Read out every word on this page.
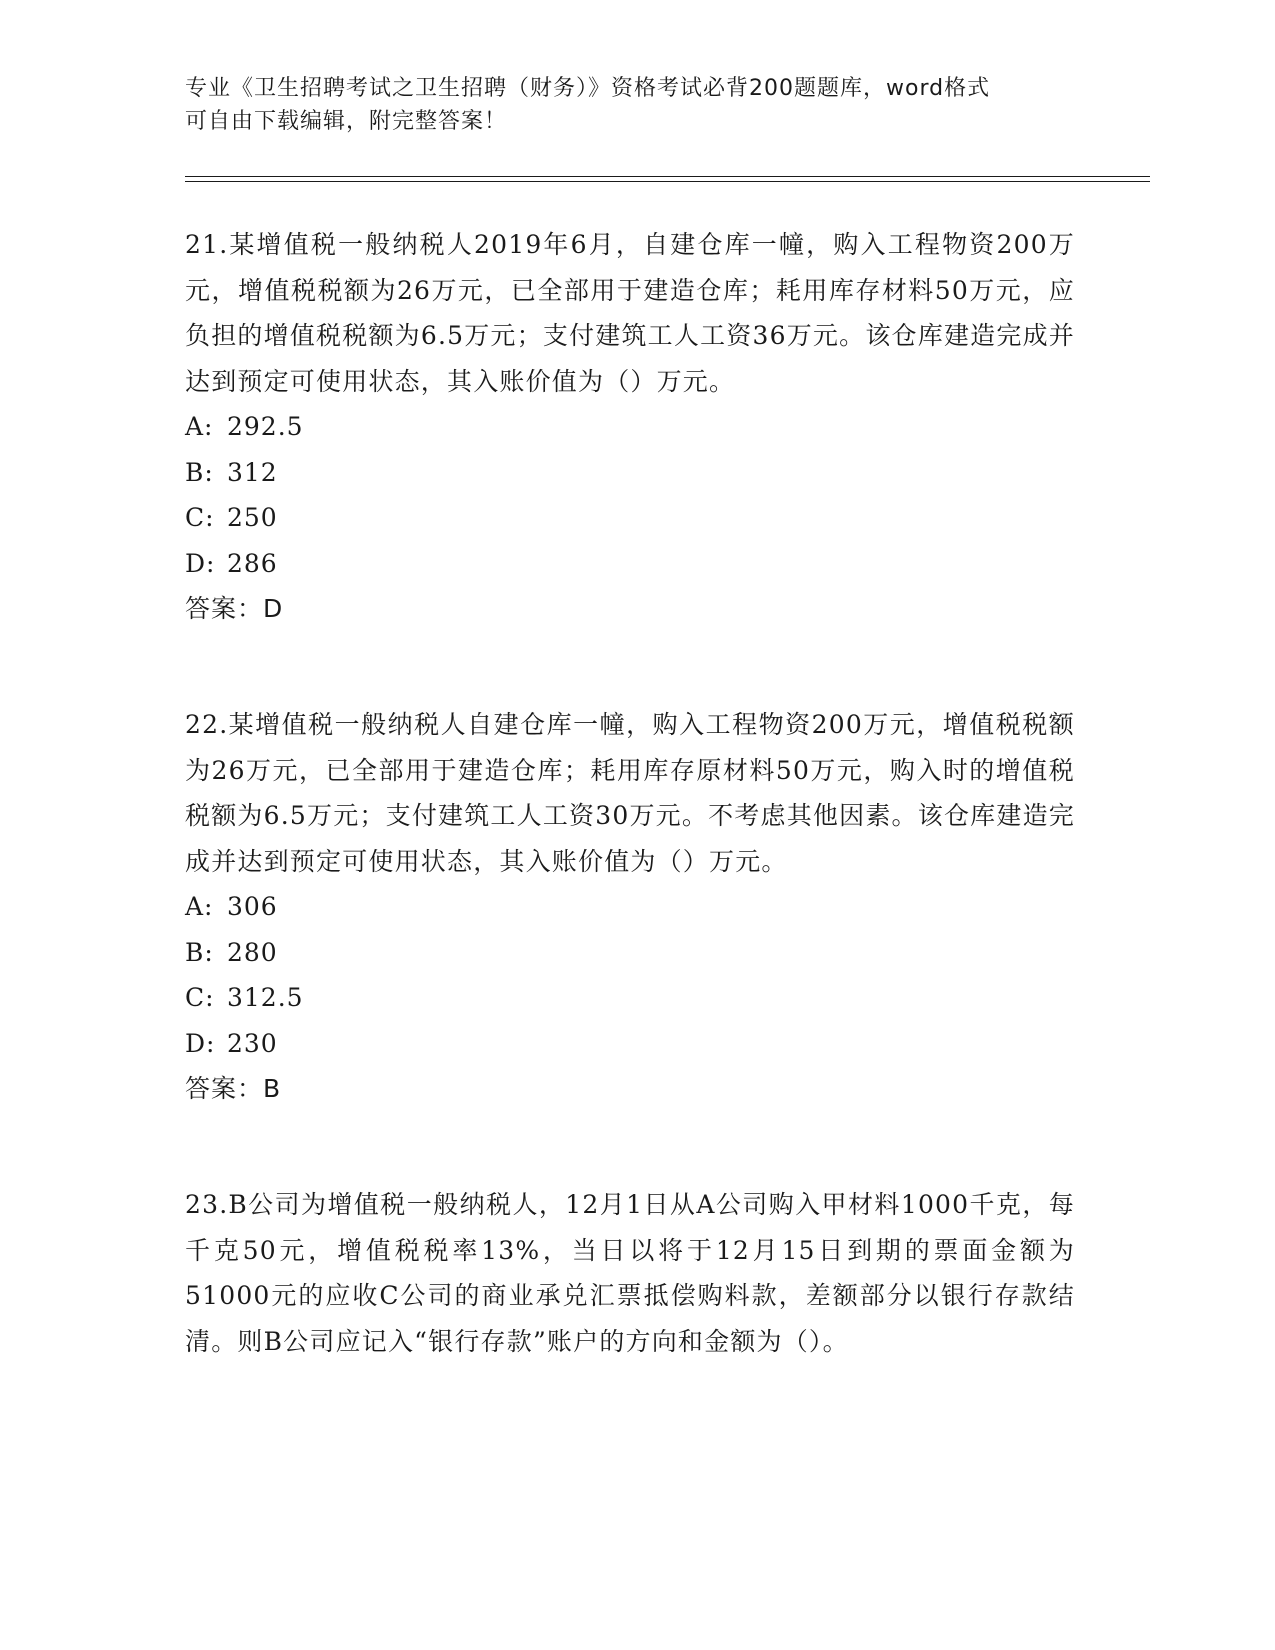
专业《卫生招聘考试之卫生招聘（财务）》资格考试必背200题题库，word格式
可自由下载编辑，附完整答案！

21.某增值税一般纳税人2019年6月，自建仓库一幢，购入工程物资200万元，增值税税额为26万元，已全部用于建造仓库；耗用库存材料50万元，应负担的增值税税额为6.5万元；支付建筑工人工资36万元。该仓库建造完成并达到预定可使用状态，其入账价值为（）万元。

A: 292.5

B: 312

C: 250

D: 286

答案：D

22.某增值税一般纳税人自建仓库一幢，购入工程物资200万元，增值税税额为26万元，已全部用于建造仓库；耗用库存原材料50万元，购入时的增值税税额为6.5万元；支付建筑工人工资30万元。不考虑其他因素。该仓库建造完成并达到预定可使用状态，其入账价值为（）万元。

A: 306

B: 280

C: 312.5

D: 230

答案：B

23.B公司为增值税一般纳税人，12月1日从A公司购入甲材料1000千克，每千克50元，增值税税率13%，当日以将于12月15日到期的票面金额为51000元的应收C公司的商业承兑汇票抵偿购料款，差额部分以银行存款结清。则B公司应记入“银行存款”账户的方向和金额为（）。
